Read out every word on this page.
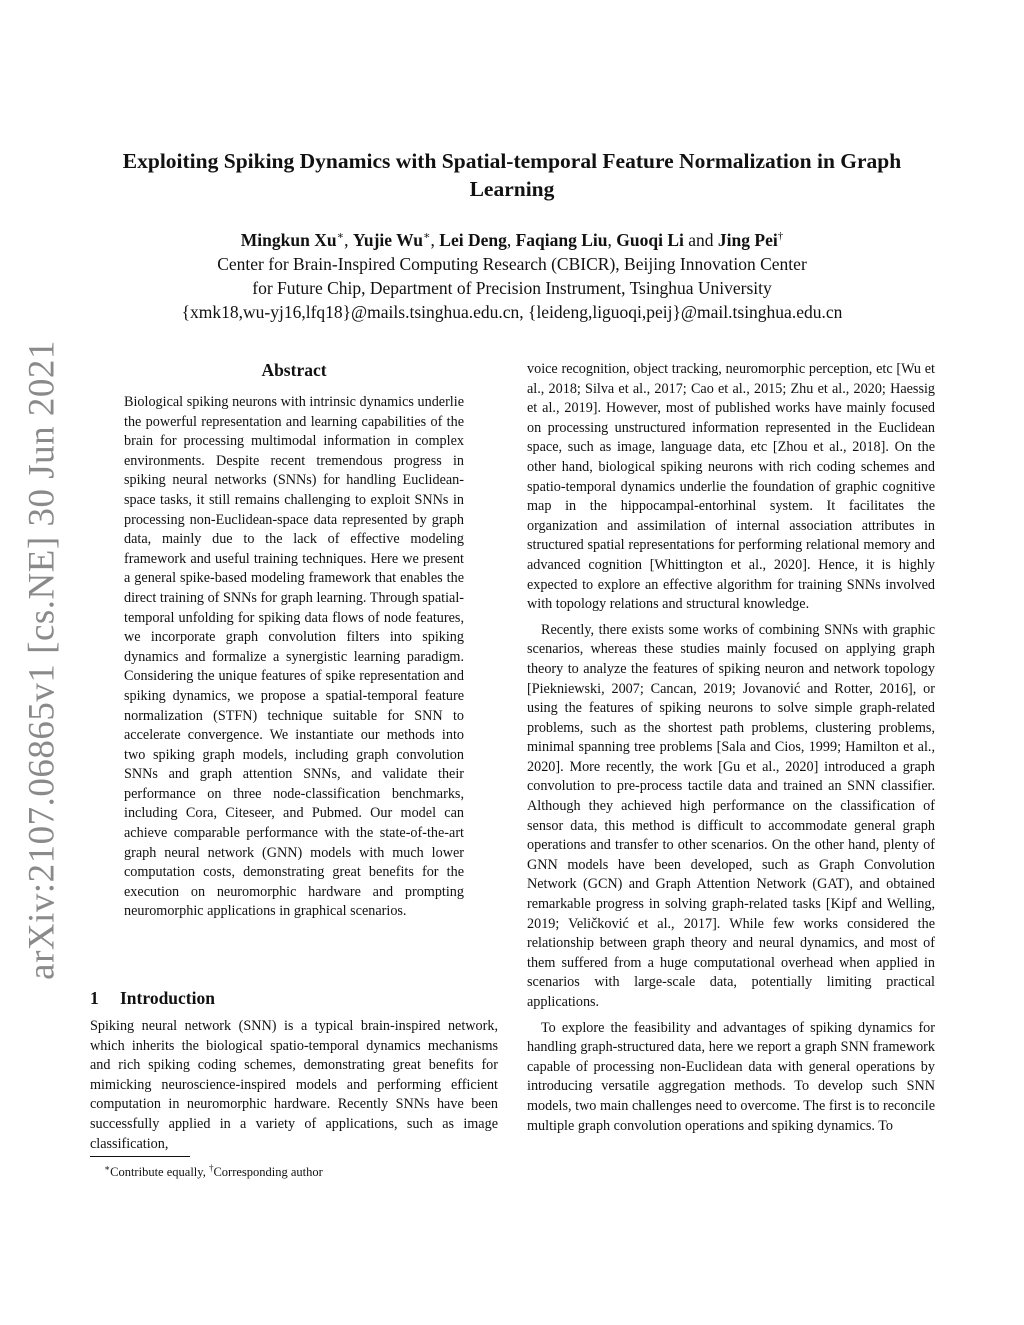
arXiv:2107.06865v1 [cs.NE] 30 Jun 2021
Exploiting Spiking Dynamics with Spatial-temporal Feature Normalization in Graph Learning
Mingkun Xu∗, Yujie Wu∗, Lei Deng, Faqiang Liu, Guoqi Li and Jing Pei†
Center for Brain-Inspired Computing Research (CBICR), Beijing Innovation Center
for Future Chip, Department of Precision Instrument, Tsinghua University
{xmk18,wu-yj16,lfq18}@mails.tsinghua.edu.cn, {leideng,liguoqi,peij}@mail.tsinghua.edu.cn
Abstract

Biological spiking neurons with intrinsic dynamics underlie the powerful representation and learning capabilities of the brain for processing multimodal information in complex environments. Despite recent tremendous progress in spiking neural networks (SNNs) for handling Euclidean-space tasks, it still remains challenging to exploit SNNs in processing non-Euclidean-space data represented by graph data, mainly due to the lack of effective modeling framework and useful training techniques. Here we present a general spike-based modeling framework that enables the direct training of SNNs for graph learning. Through spatial-temporal unfolding for spiking data flows of node features, we incorporate graph convolution filters into spiking dynamics and formalize a synergistic learning paradigm. Considering the unique features of spike representation and spiking dynamics, we propose a spatial-temporal feature normalization (STFN) technique suitable for SNN to accelerate convergence. We instantiate our methods into two spiking graph models, including graph convolution SNNs and graph attention SNNs, and validate their performance on three node-classification benchmarks, including Cora, Citeseer, and Pubmed. Our model can achieve comparable performance with the state-of-the-art graph neural network (GNN) models with much lower computation costs, demonstrating great benefits for the execution on neuromorphic hardware and prompting neuromorphic applications in graphical scenarios.

1 Introduction

Spiking neural network (SNN) is a typical brain-inspired network, which inherits the biological spatio-temporal dynamics mechanisms and rich spiking coding schemes, demonstrating great benefits for mimicking neuroscience-inspired models and performing efficient computation in neuromorphic hardware. Recently SNNs have been successfully applied in a variety of applications, such as image classification,

voice recognition, object tracking, neuromorphic perception, etc [Wu et al., 2018; Silva et al., 2017; Cao et al., 2015; Zhu et al., 2020; Haessig et al., 2019]. However, most of published works have mainly focused on processing unstructured information represented in the Euclidean space, such as image, language data, etc [Zhou et al., 2018]. On the other hand, biological spiking neurons with rich coding schemes and spatio-temporal dynamics underlie the foundation of graphic cognitive map in the hippocampal-entorhinal system. It facilitates the organization and assimilation of internal association attributes in structured spatial representations for performing relational memory and advanced cognition [Whittington et al., 2020]. Hence, it is highly expected to explore an effective algorithm for training SNNs involved with topology relations and structural knowledge.

Recently, there exists some works of combining SNNs with graphic scenarios, whereas these studies mainly focused on applying graph theory to analyze the features of spiking neuron and network topology [Piekniewski, 2007; Cancan, 2019; Jovanović and Rotter, 2016], or using the features of spiking neurons to solve simple graph-related problems, such as the shortest path problems, clustering problems, minimal spanning tree problems [Sala and Cios, 1999; Hamilton et al., 2020]. More recently, the work [Gu et al., 2020] introduced a graph convolution to pre-process tactile data and trained an SNN classifier. Although they achieved high performance on the classification of sensor data, this method is difficult to accommodate general graph operations and transfer to other scenarios. On the other hand, plenty of GNN models have been developed, such as Graph Convolution Network (GCN) and Graph Attention Network (GAT), and obtained remarkable progress in solving graph-related tasks [Kipf and Welling, 2019; Veličković et al., 2017]. While few works considered the relationship between graph theory and neural dynamics, and most of them suffered from a huge computational overhead when applied in scenarios with large-scale data, potentially limiting practical applications.

To explore the feasibility and advantages of spiking dynamics for handling graph-structured data, here we report a graph SNN framework capable of processing non-Euclidean data with general operations by introducing versatile aggregation methods. To develop such SNN models, two main challenges need to overcome. The first is to reconcile multiple graph convolution operations and spiking dynamics. To

∗Contribute equally, †Corresponding author
